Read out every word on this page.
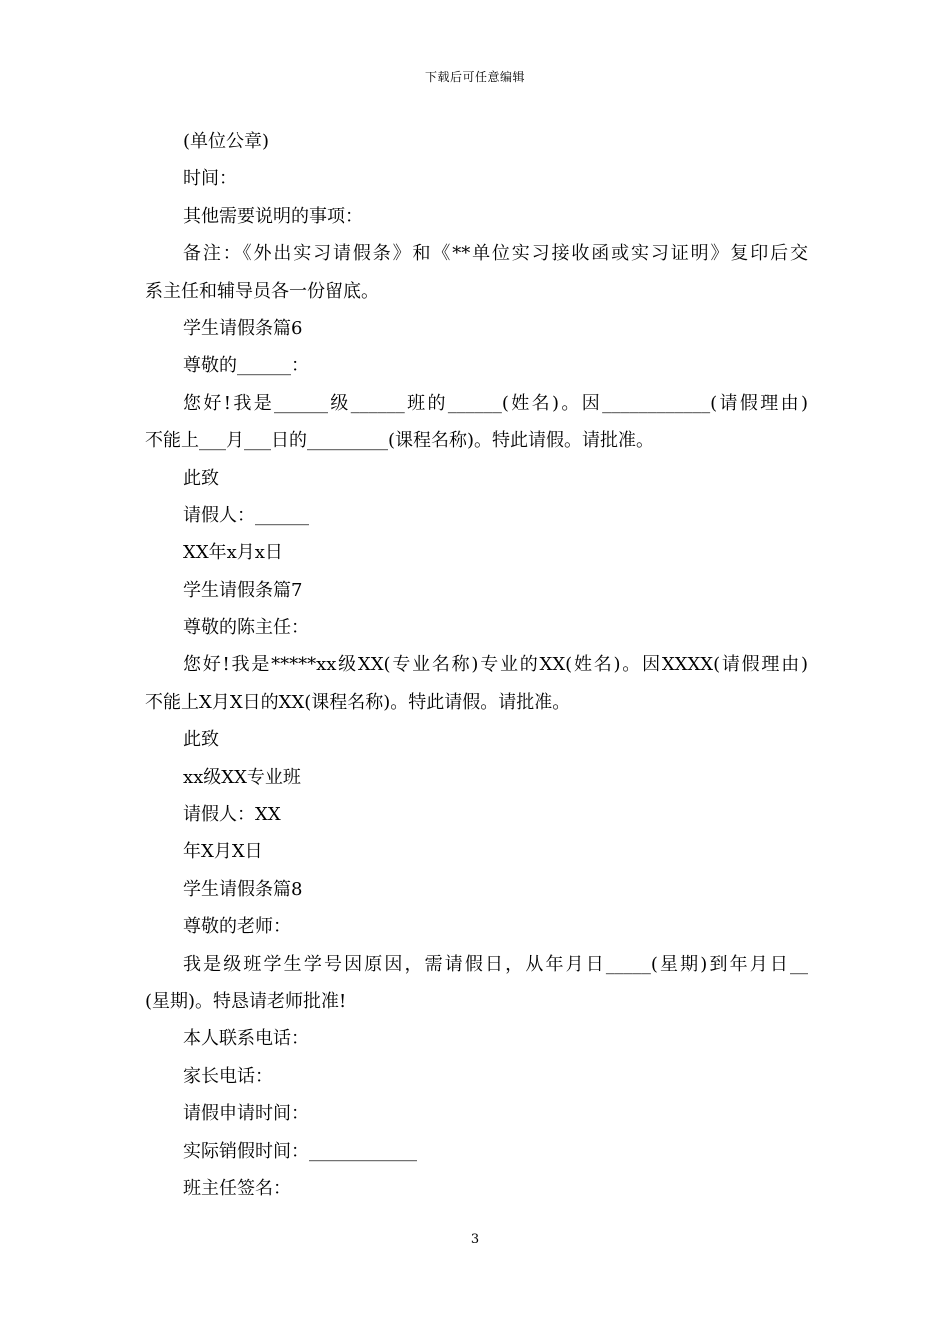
下载后可任意编辑
(单位公章)
时间：
其他需要说明的事项：
备注：《外出实习请假条》和《**单位实习接收函或实习证明》复印后交
系主任和辅导员各一份留底。
学生请假条篇6
尊敬的______：
您好!我是______级______班的______(姓名)。因____________(请假理由)
不能上___月___日的_________(课程名称)。特此请假。请批准。
此致
请假人：______
XX年x月x日
学生请假条篇7
尊敬的陈主任：
您好!我是*****xx级XX(专业名称)专业的XX(姓名)。因XXXX(请假理由)
不能上X月X日的XX(课程名称)。特此请假。请批准。
此致
xx级XX专业班
请假人：XX
年X月X日
学生请假条篇8
尊敬的老师：
我是级班学生学号因原因，需请假日，从年月日_____(星期)到年月日__
(星期)。特恳请老师批准!
本人联系电话：
家长电话：
请假申请时间：
实际销假时间：____________
班主任签名：
3
